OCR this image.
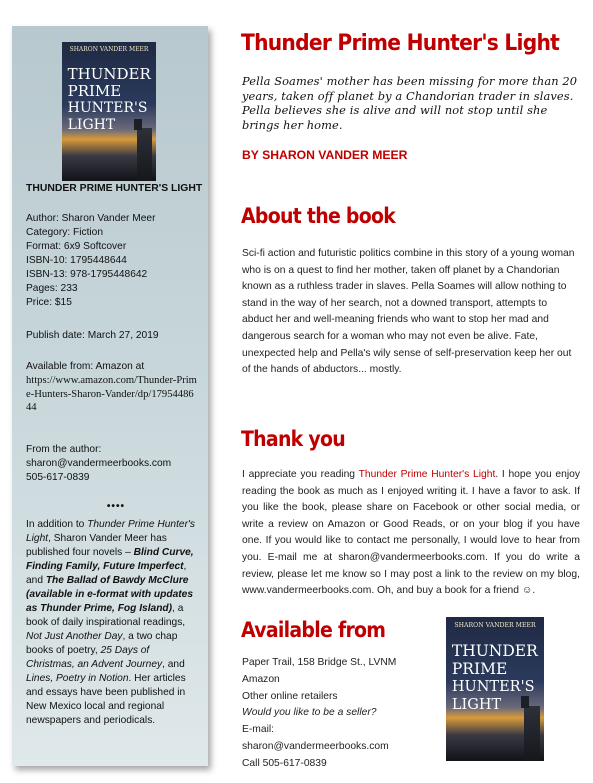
SHARON VANDER MEER
THUNDER
PRIME
HUNTER'S
LIGHT

THUNDER PRIME HUNTER'S LIGHT

Author: Sharon Vander Meer

Category: Fiction

Format: 6x9 Softcover

ISBN-10: 1795448644

ISBN-13: 978-1795448642

Pages: 233

Price: $15

Publish date: March 27, 2019

Available from: Amazon at

https://www.amazon.com/Thunder-Prime-Hunters-Sharon-Vander/dp/1795448644

From the author:

sharon@vandermeerbooks.com

505-617-0839

••••

In addition to Thunder Prime Hunter's Light, Sharon Vander Meer has published four novels – Blind Curve, Finding Family, Future Imperfect, and The Ballad of Bawdy McClure (available in e-format with updates as Thunder Prime, Fog Island), a book of daily inspirational readings, Not Just Another Day, a two chap books of poetry, 25 Days of Christmas, an Advent Journey, and Lines, Poetry in Notion. Her articles and essays have been published in New Mexico local and regional newspapers and periodicals.
Thunder Prime Hunter's Light
Pella Soames' mother has been missing for more than 20 years, taken off planet by a Chandorian trader in slaves. Pella believes she is alive and will not stop until she brings her home.
BY SHARON VANDER MEER
About the book
Sci-fi action and futuristic politics combine in this story of a young woman who is on a quest to find her mother, taken off planet by a Chandorian known as a ruthless trader in slaves. Pella Soames will allow nothing to stand in the way of her search, not a downed transport, attempts to abduct her and well-meaning friends who want to stop her mad and dangerous search for a woman who may not even be alive. Fate, unexpected help and Pella's wily sense of self-preservation keep her out of the hands of abductors... mostly.
Thank you
I appreciate you reading Thunder Prime Hunter's Light. I hope you enjoy reading the book as much as I enjoyed writing it. I have a favor to ask. If you like the book, please share on Facebook or other social media, or write a review on Amazon or Good Reads, or on your blog if you have one. If you would like to contact me personally, I would love to hear from you. E-mail me at sharon@vandermeerbooks.com. If you do write a review, please let me know so I may post a link to the review on my blog, www.vandermeerbooks.com. Oh, and buy a book for a friend ☺.
Available from
Paper Trail, 158 Bridge St., LVNM
Amazon
Other online retailers
Would you like to be a seller?
E-mail:
sharon@vandermeerbooks.com
Call 505-617-0839
SHARON VANDER MEER
THUNDER
PRIME
HUNTER'S
LIGHT
